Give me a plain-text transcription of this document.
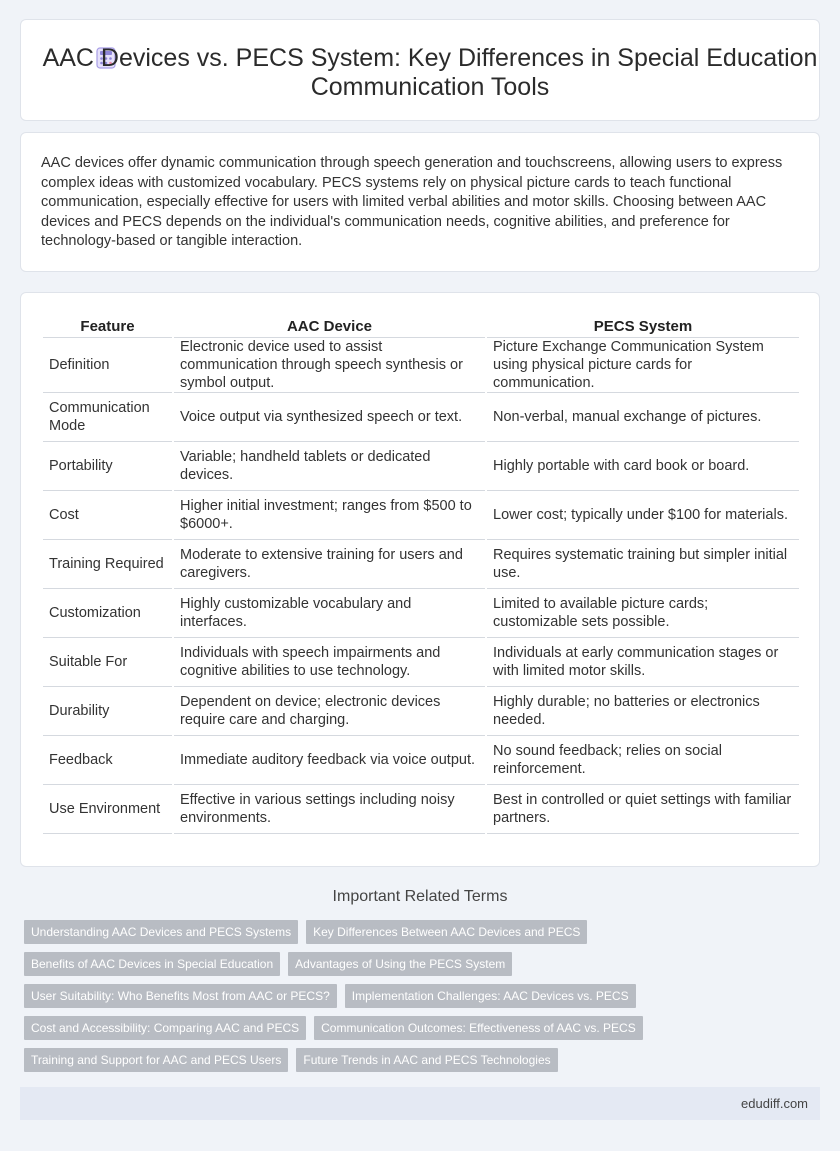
AAC Devices vs. PECS System: Key Differences in Special Education Communication Tools

AAC devices offer dynamic communication through speech generation and touchscreens, allowing users to express complex ideas with customized vocabulary. PECS systems rely on physical picture cards to teach functional communication, especially effective for users with limited verbal abilities and motor skills. Choosing between AAC devices and PECS depends on the individual's communication needs, cognitive abilities, and preference for technology-based or tangible interaction.

Feature	AAC Device	PECS System
Definition	Electronic device used to assist communication through speech synthesis or symbol output.	Picture Exchange Communication System using physical picture cards for communication.
Communication Mode	Voice output via synthesized speech or text.	Non-verbal, manual exchange of pictures.
Portability	Variable; handheld tablets or dedicated devices.	Highly portable with card book or board.
Cost	Higher initial investment; ranges from $500 to $6000+.	Lower cost; typically under $100 for materials.
Training Required	Moderate to extensive training for users and caregivers.	Requires systematic training but simpler initial use.
Customization	Highly customizable vocabulary and interfaces.	Limited to available picture cards; customizable sets possible.
Suitable For	Individuals with speech impairments and cognitive abilities to use technology.	Individuals at early communication stages or with limited motor skills.
Durability	Dependent on device; electronic devices require care and charging.	Highly durable; no batteries or electronics needed.
Feedback	Immediate auditory feedback via voice output.	No sound feedback; relies on social reinforcement.
Use Environment	Effective in various settings including noisy environments.	Best in controlled or quiet settings with familiar partners.
Important Related Terms
Understanding AAC Devices and PECS Systems	Key Differences Between AAC Devices and PECS
Benefits of AAC Devices in Special Education	Advantages of Using the PECS System
User Suitability: Who Benefits Most from AAC or PECS?	Implementation Challenges: AAC Devices vs. PECS
Cost and Accessibility: Comparing AAC and PECS	Communication Outcomes: Effectiveness of AAC vs. PECS
Training and Support for AAC and PECS Users	Future Trends in AAC and PECS Technologies
edudiff.com
